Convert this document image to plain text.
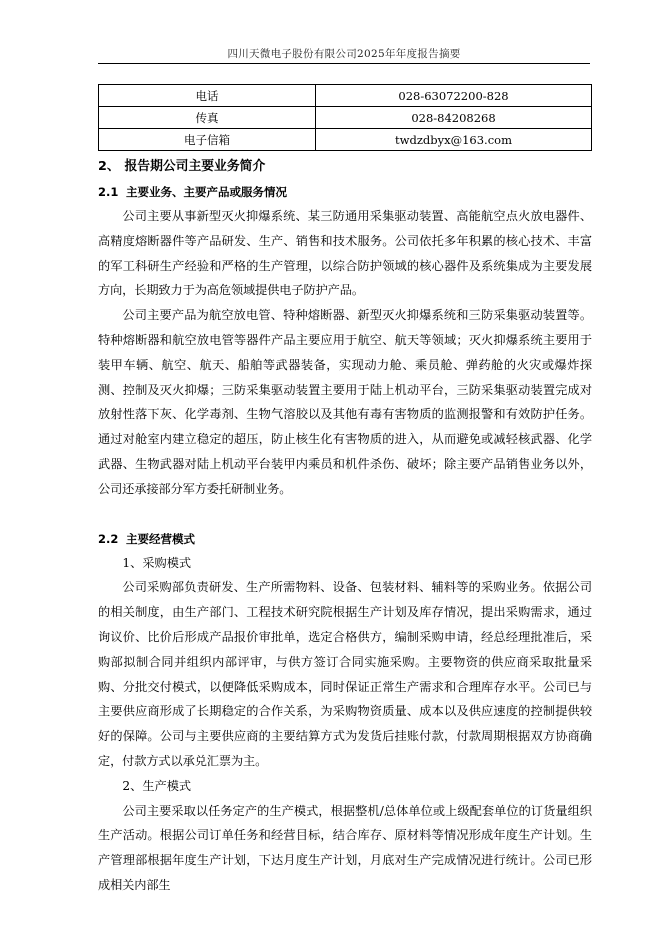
四川天微电子股份有限公司2025年年度报告摘要
电话	028-63072200-828
传真	028-84208268
电子信箱	twdzdbyx@163.com
2、 报告期公司主要业务简介
2.1 主要业务、主要产品或服务情况

公司主要从事新型灭火抑爆系统、某三防通用采集驱动装置、高能航空点火放电器件、高精度熔断器件等产品研发、生产、销售和技术服务。公司依托多年积累的核心技术、丰富的军工科研生产经验和严格的生产管理，以综合防护领域的核心器件及系统集成为主要发展方向，长期致力于为高危领域提供电子防护产品。

公司主要产品为航空放电管、特种熔断器、新型灭火抑爆系统和三防采集驱动装置等。特种熔断器和航空放电管等器件产品主要应用于航空、航天等领域；灭火抑爆系统主要用于装甲车辆、航空、航天、船舶等武器装备，实现动力舱、乘员舱、弹药舱的火灾或爆炸探测、控制及灭火抑爆；三防采集驱动装置主要用于陆上机动平台，三防采集驱动装置完成对放射性落下灰、化学毒剂、生物气溶胶以及其他有毒有害物质的监测报警和有效防护任务。通过对舱室内建立稳定的超压，防止核生化有害物质的进入，从而避免或减轻核武器、化学武器、生物武器对陆上机动平台装甲内乘员和机件杀伤、破坏；除主要产品销售业务以外，公司还承接部分军方委托研制业务。

2.2 主要经营模式

1、采购模式

公司采购部负责研发、生产所需物料、设备、包装材料、辅料等的采购业务。依据公司的相关制度，由生产部门、工程技术研究院根据生产计划及库存情况，提出采购需求，通过询议价、比价后形成产品报价审批单，选定合格供方，编制采购申请，经总经理批准后，采购部拟制合同并组织内部评审，与供方签订合同实施采购。主要物资的供应商采取批量采购、分批交付模式，以便降低采购成本，同时保证正常生产需求和合理库存水平。公司已与主要供应商形成了长期稳定的合作关系，为采购物资质量、成本以及供应速度的控制提供较好的保障。公司与主要供应商的主要结算方式为发货后挂账付款，付款周期根据双方协商确定，付款方式以承兑汇票为主。

2、生产模式

公司主要采取以任务定产的生产模式，根据整机/总体单位或上级配套单位的订货量组织生产活动。根据公司订单任务和经营目标，结合库存、原材料等情况形成年度生产计划。生产管理部根据年度生产计划，下达月度生产计划，月底对生产完成情况进行统计。公司已形成相关内部生
